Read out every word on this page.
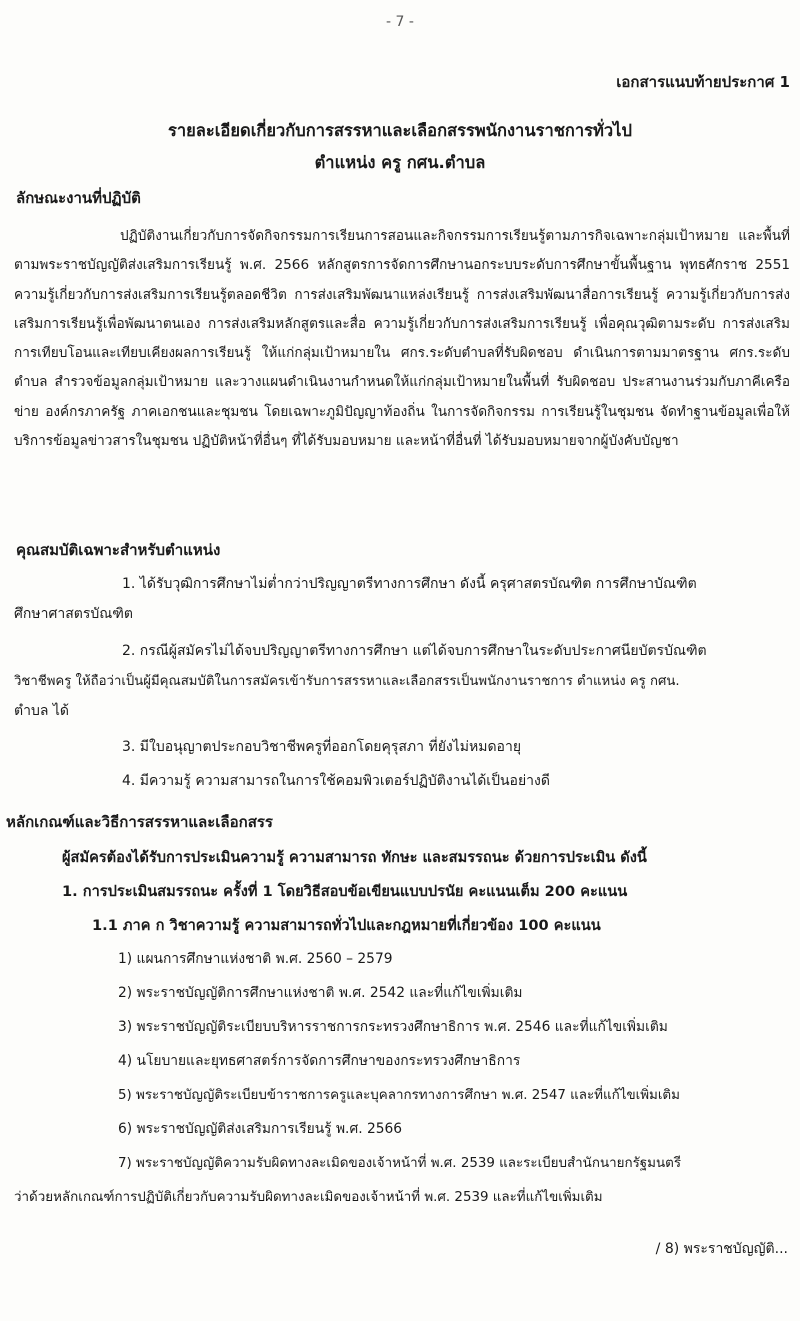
- 7 -
เอกสารแนบท้ายประกาศ 1
รายละเอียดเกี่ยวกับการสรรหาและเลือกสรรพนักงานราชการทั่วไป
ตำแหน่ง ครู กศน.ตำบล
ลักษณะงานที่ปฏิบัติ
ปฏิบัติงานเกี่ยวกับการจัดกิจกรรมการเรียนการสอนและกิจกรรมการเรียนรู้ตามภารกิจเฉพาะกลุ่มเป้าหมาย และพื้นที่ ตามพระราชบัญญัติส่งเสริมการเรียนรู้ พ.ศ. 2566 หลักสูตรการจัดการศึกษานอกระบบระดับการศึกษาขั้นพื้นฐาน พุทธศักราช 2551 ความรู้เกี่ยวกับการส่งเสริมการเรียนรู้ตลอดชีวิต การส่งเสริมพัฒนาแหล่งเรียนรู้ การส่งเสริมพัฒนาสื่อการเรียนรู้ ความรู้เกี่ยวกับการส่งเสริมการเรียนรู้เพื่อพัฒนาตนเอง การส่งเสริมหลักสูตรและสื่อ ความรู้เกี่ยวกับการส่งเสริมการเรียนรู้ เพื่อคุณวุฒิตามระดับ การส่งเสริมการเทียบโอนและเทียบเคียงผลการเรียนรู้ ให้แก่กลุ่มเป้าหมายใน ศกร.ระดับตำบลที่รับผิดชอบ ดำเนินการตามมาตรฐาน ศกร.ระดับตำบล สำรวจข้อมูลกลุ่มเป้าหมาย และวางแผนดำเนินงานกำหนดให้แก่กลุ่มเป้าหมายในพื้นที่ รับผิดชอบ ประสานงานร่วมกับภาคีเครือข่าย องค์กรภาครัฐ ภาคเอกชนและชุมชน โดยเฉพาะภูมิปัญญาท้องถิ่น ในการจัดกิจกรรม การเรียนรู้ในชุมชน จัดทำฐานข้อมูลเพื่อให้บริการข้อมูลข่าวสารในชุมชน ปฏิบัติหน้าที่อื่นๆ ที่ได้รับมอบหมาย และหน้าที่อื่นที่ ได้รับมอบหมายจากผู้บังคับบัญชา
คุณสมบัติเฉพาะสำหรับตำแหน่ง
1. ได้รับวุฒิการศึกษาไม่ต่ำกว่าปริญญาตรีทางการศึกษา ดังนี้ ครุศาสตรบัณฑิต การศึกษาบัณฑิต
ศึกษาศาสตรบัณฑิต
2. กรณีผู้สมัครไม่ได้จบปริญญาตรีทางการศึกษา แต่ได้จบการศึกษาในระดับประกาศนียบัตรบัณฑิต
วิชาชีพครู ให้ถือว่าเป็นผู้มีคุณสมบัติในการสมัครเข้ารับการสรรหาและเลือกสรรเป็นพนักงานราชการ ตำแหน่ง ครู กศน.
ตำบล ได้
3. มีใบอนุญาตประกอบวิชาชีพครูที่ออกโดยคุรุสภา ที่ยังไม่หมดอายุ
4. มีความรู้ ความสามารถในการใช้คอมพิวเตอร์ปฏิบัติงานได้เป็นอย่างดี
หลักเกณฑ์และวิธีการสรรหาและเลือกสรร
ผู้สมัครต้องได้รับการประเมินความรู้ ความสามารถ ทักษะ และสมรรถนะ ด้วยการประเมิน ดังนี้
1. การประเมินสมรรถนะ ครั้งที่ 1 โดยวิธีสอบข้อเขียนแบบปรนัย คะแนนเต็ม 200 คะแนน
1.1 ภาค ก วิชาความรู้ ความสามารถทั่วไปและกฎหมายที่เกี่ยวข้อง 100 คะแนน
1) แผนการศึกษาแห่งชาติ พ.ศ. 2560 – 2579
2) พระราชบัญญัติการศึกษาแห่งชาติ พ.ศ. 2542 และที่แก้ไขเพิ่มเติม
3) พระราชบัญญัติระเบียบบริหารราชการกระทรวงศึกษาธิการ พ.ศ. 2546 และที่แก้ไขเพิ่มเติม
4) นโยบายและยุทธศาสตร์การจัดการศึกษาของกระทรวงศึกษาธิการ
5) พระราชบัญญัติระเบียบข้าราชการครูและบุคลากรทางการศึกษา พ.ศ. 2547 และที่แก้ไขเพิ่มเติม
6) พระราชบัญญัติส่งเสริมการเรียนรู้ พ.ศ. 2566
7) พระราชบัญญัติความรับผิดทางละเมิดของเจ้าหน้าที่ พ.ศ. 2539 และระเบียบสำนักนายกรัฐมนตรี
ว่าด้วยหลักเกณฑ์การปฏิบัติเกี่ยวกับความรับผิดทางละเมิดของเจ้าหน้าที่ พ.ศ. 2539 และที่แก้ไขเพิ่มเติม
/ 8) พระราชบัญญัติ...
